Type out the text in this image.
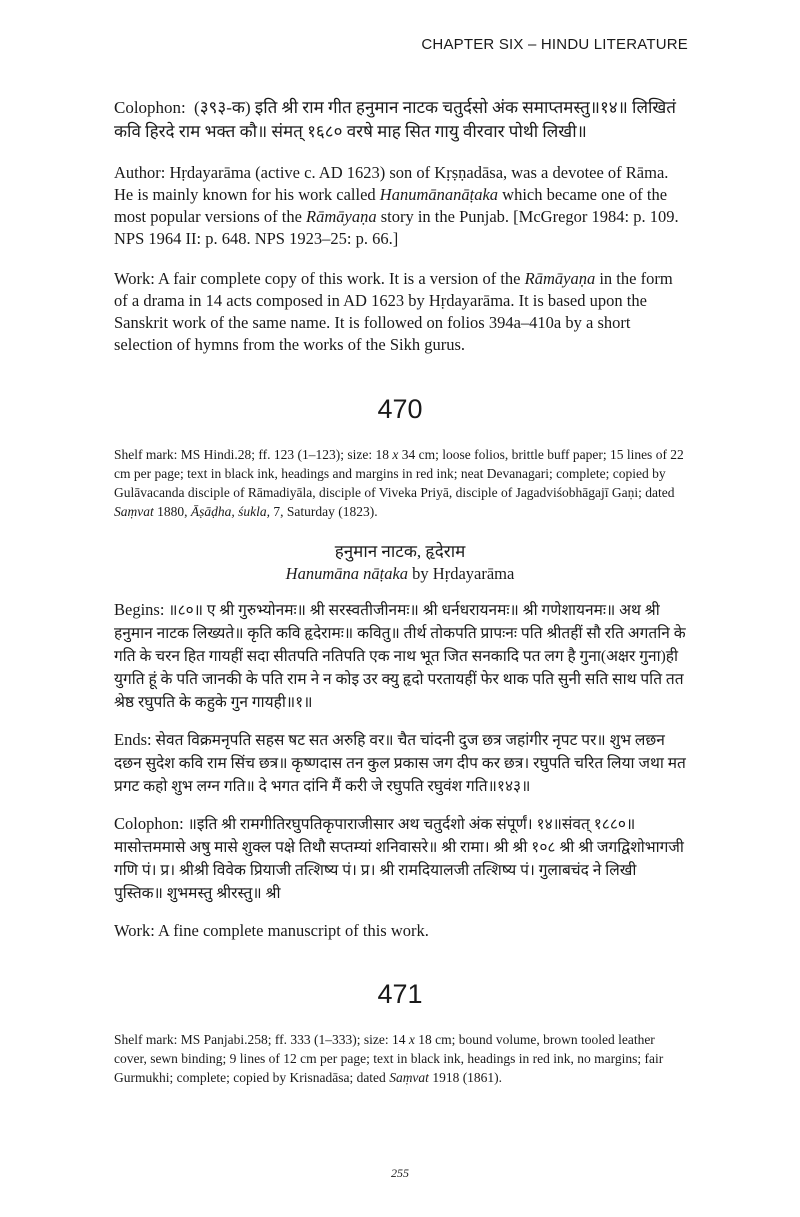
CHAPTER SIX – HINDU LITERATURE

Colophon: (३९३-क) इति श्री राम गीत हनुमान नाटक चतुर्दसो अंक समाप्तमस्तु॥१४॥ लिखितं कवि हिरदे राम भक्त कौ॥ संमत् १६८० वरषे माह सित गायु वीरवार पोथी लिखी॥

Author: Hṛdayarāma (active c. AD 1623) son of Kṛṣṇadāsa, was a devotee of Rāma. He is mainly known for his work called Hanumānanāṭaka which became one of the most popular versions of the Rāmāyaṇa story in the Punjab. [McGregor 1984: p. 109. NPS 1964 II: p. 648. NPS 1923–25: p. 66.]

Work: A fair complete copy of this work. It is a version of the Rāmāyaṇa in the form of a drama in 14 acts composed in AD 1623 by Hṛdayarāma. It is based upon the Sanskrit work of the same name. It is followed on folios 394a–410a by a short selection of hymns from the works of the Sikh gurus.

470

Shelf mark: MS Hindi.28; ff. 123 (1–123); size: 18 x 34 cm; loose folios, brittle buff paper; 15 lines of 22 cm per page; text in black ink, headings and margins in red ink; neat Devanagari; complete; copied by Gulāvacanda disciple of Rāmadiyāla, disciple of Viveka Priyā, disciple of Jagadviśobhāgajī Gaṇi; dated Saṃvat 1880, Āṣāḍha, śukla, 7, Saturday (1823).

हनुमान नाटक, हृदेराम
Hanumāna nāṭaka by Hṛdayarāma

Begins: ॥८०॥ ए श्री गुरुभ्योनमः॥ श्री सरस्वतीजीनमः॥ श्री धर्नधरायनमः॥ श्री गणेशायनमः॥ अथ श्री हनुमान नाटक लिख्यते॥ कृति कवि हृदेरामः॥ कवितु॥ तीर्थ तोकपति प्रापःनः पति श्रीतहीं सौ रति अगतनि के गति के चरन हित गायहीं सदा सीतपति नतिपति एक नाथ भूत जित सनकादि पत लग है गुना(अक्षर गुना)ही युगति हूं के पति जानकी के पति राम ने न कोइ उर क्यु हृदो परतायहीं फेर थाक पति सुनी सति साथ पति तत श्रेष्ठ रघुपति के कहुके गुन गायही॥१॥

Ends: सेवत विक्रमनृपति सहस षट सत अरुहि वर॥ चैत चांदनी दुज छत्र जहांगीर नृपट पर॥ शुभ लछन दछन सुदेश कवि राम सिंच छत्र॥ कृष्णदास तन कुल प्रकास जग दीप कर छत्र। रघुपति चरित लिया जथा मत प्रगट कहो शुभ लग्न गति॥ दे भगत दांनि मैं करी जे रघुपति रघुवंश गति॥१४३॥

Colophon: ॥इति श्री रामगीतिरघुपतिकृपाराजीसार अथ चतुर्दशो अंक संपूर्णं। १४॥संवत् १८८०॥ मासोत्तममासे अषु मासे शुक्ल पक्षे तिथौ सप्तम्यां शनिवासरे॥ श्री रामा। श्री श्री १०८ श्री श्री जगद्विशोभागजी गणि पं। प्र। श्रीश्री विवेक प्रियाजी तत्शिष्य पं। प्र। श्री रामदियालजी तत्शिष्य पं। गुलाबचंद ने लिखी पुस्तिक॥ शुभमस्तु श्रीरस्तु॥ श्री

Work: A fine complete manuscript of this work.

471

Shelf mark: MS Panjabi.258; ff. 333 (1–333); size: 14 x 18 cm; bound volume, brown tooled leather cover, sewn binding; 9 lines of 12 cm per page; text in black ink, headings in red ink, no margins; fair Gurmukhi; complete; copied by Krisnadāsa; dated Saṃvat 1918 (1861).

255
